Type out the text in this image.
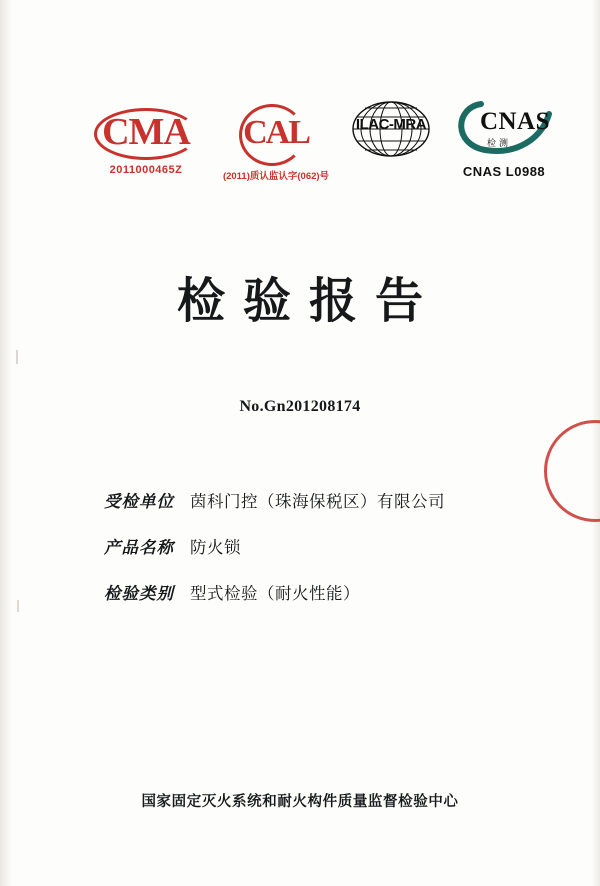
CMA
2011000465Z
CAL
(2011)质认监认字(062)号
ILAC-MRA	CNAS
检测
CNAS L0988
检验报告
No.Gn201208174
受检单位 茵科门控（珠海保税区）有限公司
产品名称 防火锁
检验类别 型式检验（耐火性能）
国家固定灭火系统和耐火构件质量监督检验中心
